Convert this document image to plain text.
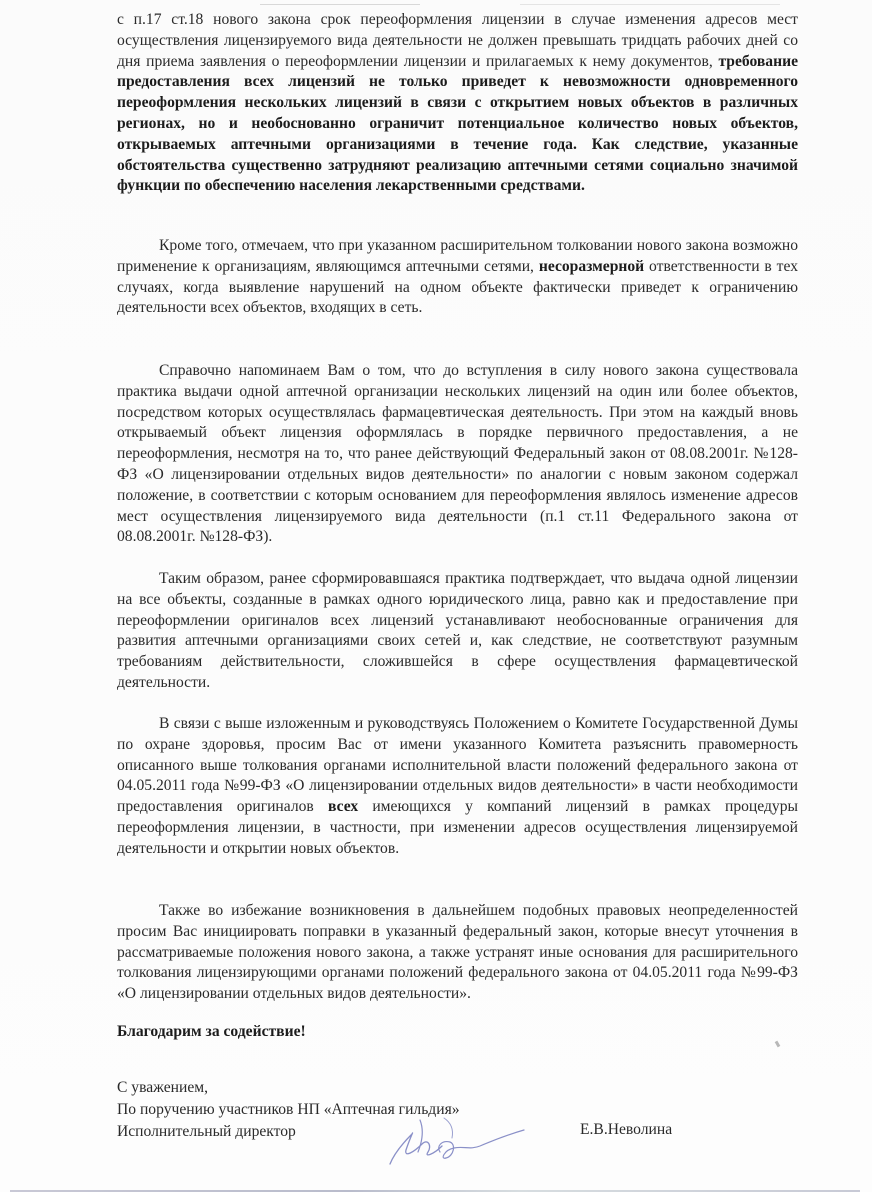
с п.17 ст.18 нового закона срок переоформления лицензии в случае изменения адресов мест осуществления лицензируемого вида деятельности не должен превышать тридцать рабочих дней со дня приема заявления о переоформлении лицензии и прилагаемых к нему документов, требование предоставления всех лицензий не только приведет к невозможности одновременного переоформления нескольких лицензий в связи с открытием новых объектов в различных регионах, но и необоснованно ограничит потенциальное количество новых объектов, открываемых аптечными организациями в течение года. Как следствие, указанные обстоятельства существенно затрудняют реализацию аптечными сетями социально значимой функции по обеспечению населения лекарственными средствами.

Кроме того, отмечаем, что при указанном расширительном толковании нового закона возможно применение к организациям, являющимся аптечными сетями, несоразмерной ответственности в тех случаях, когда выявление нарушений на одном объекте фактически приведет к ограничению деятельности всех объектов, входящих в сеть.

Справочно напоминаем Вам о том, что до вступления в силу нового закона существовала практика выдачи одной аптечной организации нескольких лицензий на один или более объектов, посредством которых осуществлялась фармацевтическая деятельность. При этом на каждый вновь открываемый объект лицензия оформлялась в порядке первичного предоставления, а не переоформления, несмотря на то, что ранее действующий Федеральный закон от 08.08.2001г. №128-ФЗ «О лицензировании отдельных видов деятельности» по аналогии с новым законом содержал положение, в соответствии с которым основанием для переоформления являлось изменение адресов мест осуществления лицензируемого вида деятельности (п.1 ст.11 Федерального закона от 08.08.2001г. №128-ФЗ).

Таким образом, ранее сформировавшаяся практика подтверждает, что выдача одной лицензии на все объекты, созданные в рамках одного юридического лица, равно как и предоставление при переоформлении оригиналов всех лицензий устанавливают необоснованные ограничения для развития аптечными организациями своих сетей и, как следствие, не соответствуют разумным требованиям действительности, сложившейся в сфере осуществления фармацевтической деятельности.

В связи с выше изложенным и руководствуясь Положением о Комитете Государственной Думы по охране здоровья, просим Вас от имени указанного Комитета разъяснить правомерность описанного выше толкования органами исполнительной власти положений федерального закона от 04.05.2011 года №99-ФЗ «О лицензировании отдельных видов деятельности» в части необходимости предоставления оригиналов всех имеющихся у компаний лицензий в рамках процедуры переоформления лицензии, в частности, при изменении адресов осуществления лицензируемой деятельности и открытии новых объектов.

Также во избежание возникновения в дальнейшем подобных правовых неопределенностей просим Вас инициировать поправки в указанный федеральный закон, которые внесут уточнения в рассматриваемые положения нового закона, а также устранят иные основания для расширительного толкования лицензирующими органами положений федерального закона от 04.05.2011 года №99-ФЗ «О лицензировании отдельных видов деятельности».

Благодарим за содействие!
С уважением,
По поручению участников НП «Аптечная гильдия»
Исполнительный директор	Е.В.Неволина
